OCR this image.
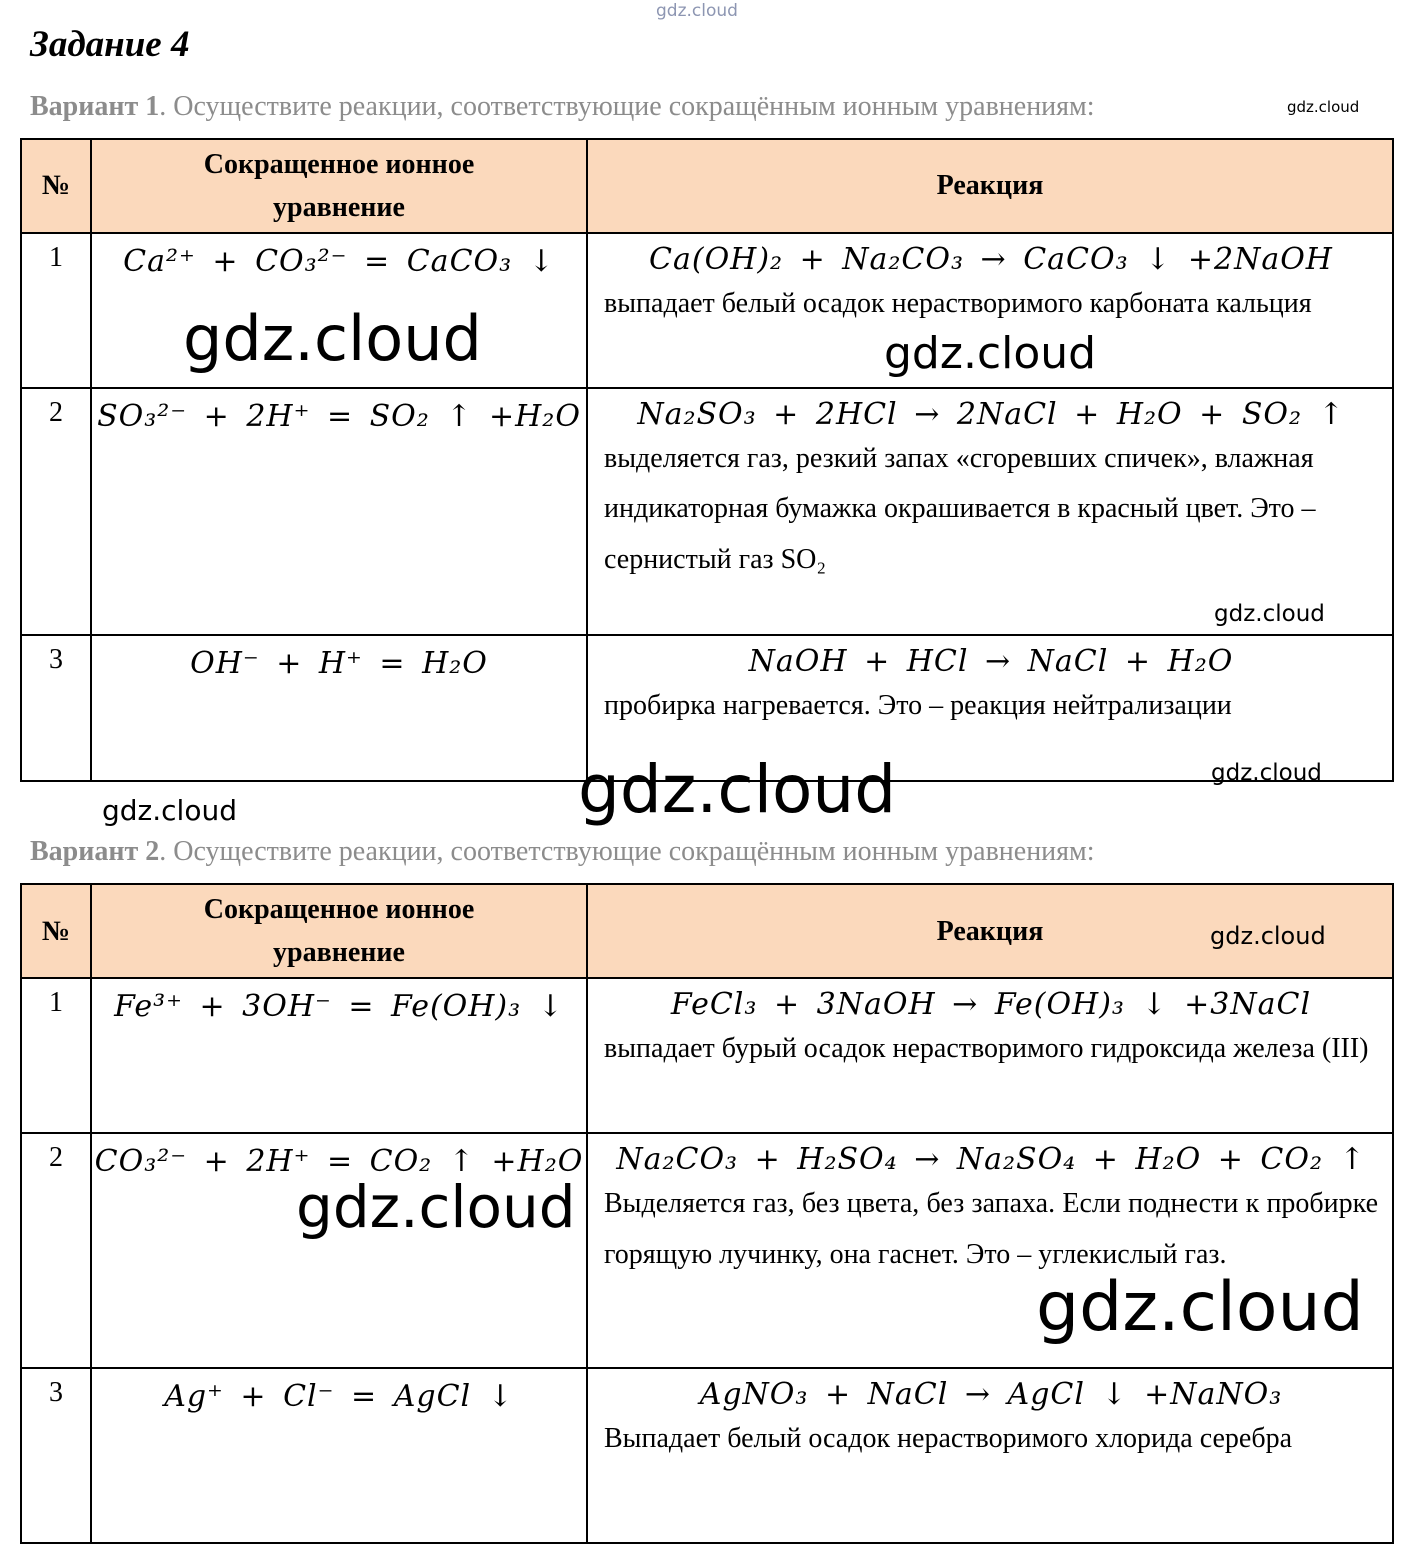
Задание 4

Вариант 1. Осуществите реакции, соответствующие сокращённым ионным уравнениям:

№	Сокращенное ионное уравнение	Реакция
1	Ca²⁺ + CO₃²⁻ = CaCO₃ ↓	Ca(OH)₂ + Na₂CO₃ → CaCO₃ ↓ +2NaOH
выпадает белый осадок нерастворимого карбоната кальция

2	SO₃²⁻ + 2H⁺ = SO₂ ↑ +H₂O	Na₂SO₃ + 2HCl → 2NaCl + H₂O + SO₂ ↑
выделяется газ, резкий запах «сгоревших спичек», влажная индикаторная бумажка окрашивается в красный цвет. Это – сернистый газ SO₂

3	OH⁻ + H⁺ = H₂O	NaOH + HCl → NaCl + H₂O
пробирка нагревается. Это – реакция нейтрализации

Вариант 2. Осуществите реакции, соответствующие сокращённым ионным уравнениям:

№	Сокращенное ионное уравнение	Реакция
1	Fe³⁺ + 3OH⁻ = Fe(OH)₃ ↓	FeCl₃ + 3NaOH → Fe(OH)₃ ↓ +3NaCl
выпадает бурый осадок нерастворимого гидроксида железа (III)

2	CO₃²⁻ + 2H⁺ = CO₂ ↑ +H₂O	Na₂CO₃ + H₂SO₄ → Na₂SO₄ + H₂O + CO₂ ↑
Выделяется газ, без цвета, без запаха. Если поднести к пробирке горящую лучинку, она гаснет. Это – углекислый газ.

3	Ag⁺ + Cl⁻ = AgCl ↓	AgNO₃ + NaCl → AgCl ↓ +NaNO₃
Выпадает белый осадок нерастворимого хлорида серебра
gdz.cloud
gdz.cloud
gdz.cloud	gdz.cloud
gdz.cloud
gdz.cloud
gdz.cloud	gdz.cloud
gdz.cloud
gdz.cloud
gdz.cloud
